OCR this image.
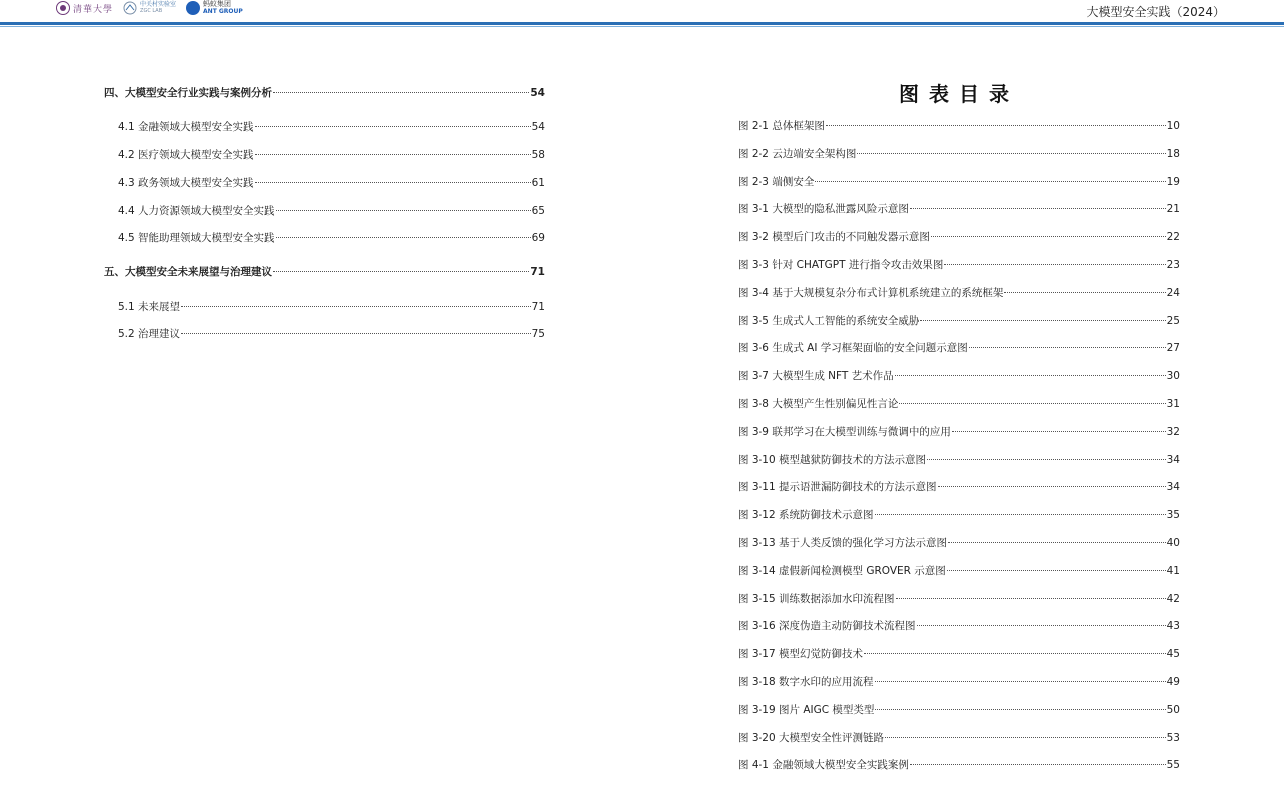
清華大學	中关村实验室
ZGC LAB
蚂蚁集团
ANT GROUP	大模型安全实践（2024）
四、大模型安全行业实践与案例分析	54
4.1 金融领域大模型安全实践	54
4.2 医疗领域大模型安全实践	58
4.3 政务领域大模型安全实践	61
4.4 人力资源领域大模型安全实践	65
4.5 智能助理领域大模型安全实践	69
五、大模型安全未来展望与治理建议	71
5.1 未来展望	71
5.2 治理建议	75
图表目录
图 2-1 总体框架图	10
图 2-2 云边端安全架构图	18
图 2-3 端侧安全	19
图 3-1 大模型的隐私泄露风险示意图	21
图 3-2 模型后门攻击的不同触发器示意图	22
图 3-3 针对 CHATGPT 进行指令攻击效果图	23
图 3-4 基于大规模复杂分布式计算机系统建立的系统框架	24
图 3-5 生成式人工智能的系统安全威胁	25
图 3-6 生成式 AI 学习框架面临的安全问题示意图	27
图 3-7 大模型生成 NFT 艺术作品	30
图 3-8 大模型产生性别偏见性言论	31
图 3-9 联邦学习在大模型训练与微调中的应用	32
图 3-10 模型越狱防御技术的方法示意图	34
图 3-11 提示语泄漏防御技术的方法示意图	34
图 3-12 系统防御技术示意图	35
图 3-13 基于人类反馈的强化学习方法示意图	40
图 3-14 虚假新闻检测模型 GROVER 示意图	41
图 3-15 训练数据添加水印流程图	42
图 3-16 深度伪造主动防御技术流程图	43
图 3-17 模型幻觉防御技术	45
图 3-18 数字水印的应用流程	49
图 3-19 图片 AIGC 模型类型	50
图 3-20 大模型安全性评测链路	53
图 4-1 金融领域大模型安全实践案例	55
